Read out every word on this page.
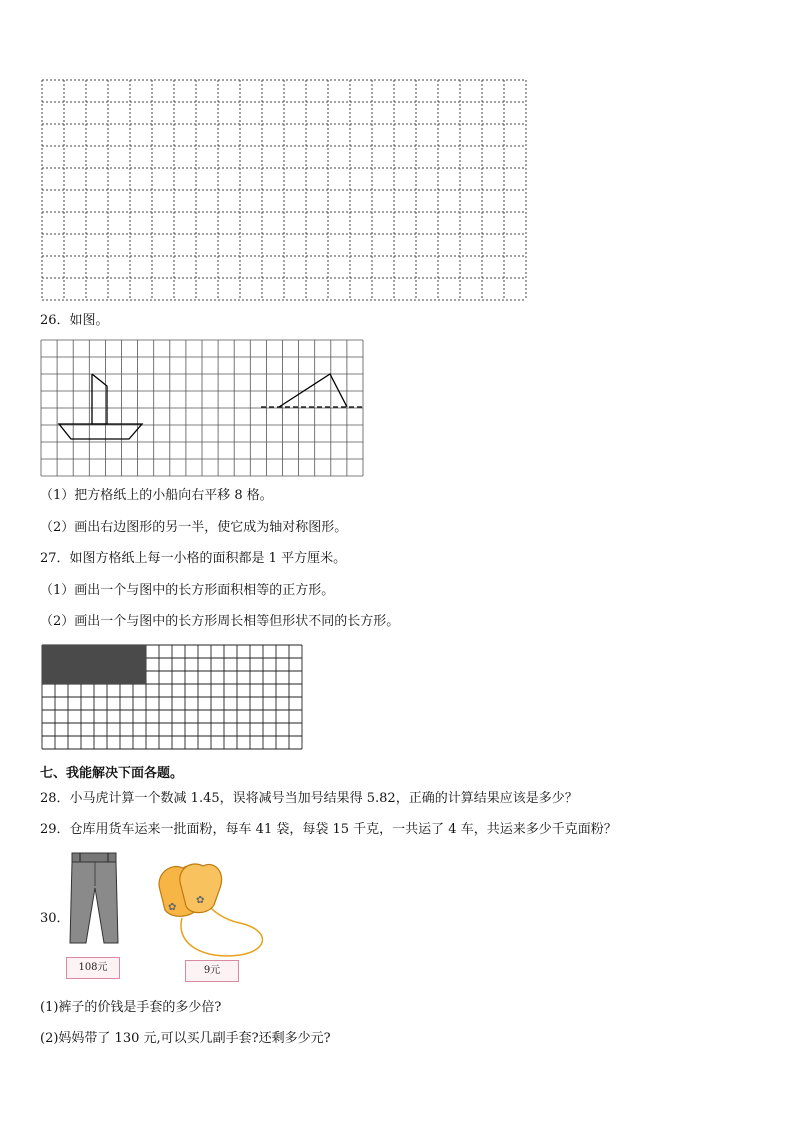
26．如图。
（1）把方格纸上的小船向右平移 8 格。
（2）画出右边图形的另一半，使它成为轴对称图形。
27．如图方格纸上每一小格的面积都是 1 平方厘米。
（1）画出一个与图中的长方形面积相等的正方形。
（2）画出一个与图中的长方形周长相等但形状不同的长方形。
七、我能解决下面各题。
28．小马虎计算一个数减 1.45，误将减号当加号结果得 5.82，正确的计算结果应该是多少？
29．仓库用货车运来一批面粉，每车 41 袋，每袋 15 千克，一共运了 4 车，共运来多少千克面粉？
30．
108元
✿
✿
9元
(1)裤子的价钱是手套的多少倍?
(2)妈妈带了 130 元,可以买几副手套?还剩多少元?
